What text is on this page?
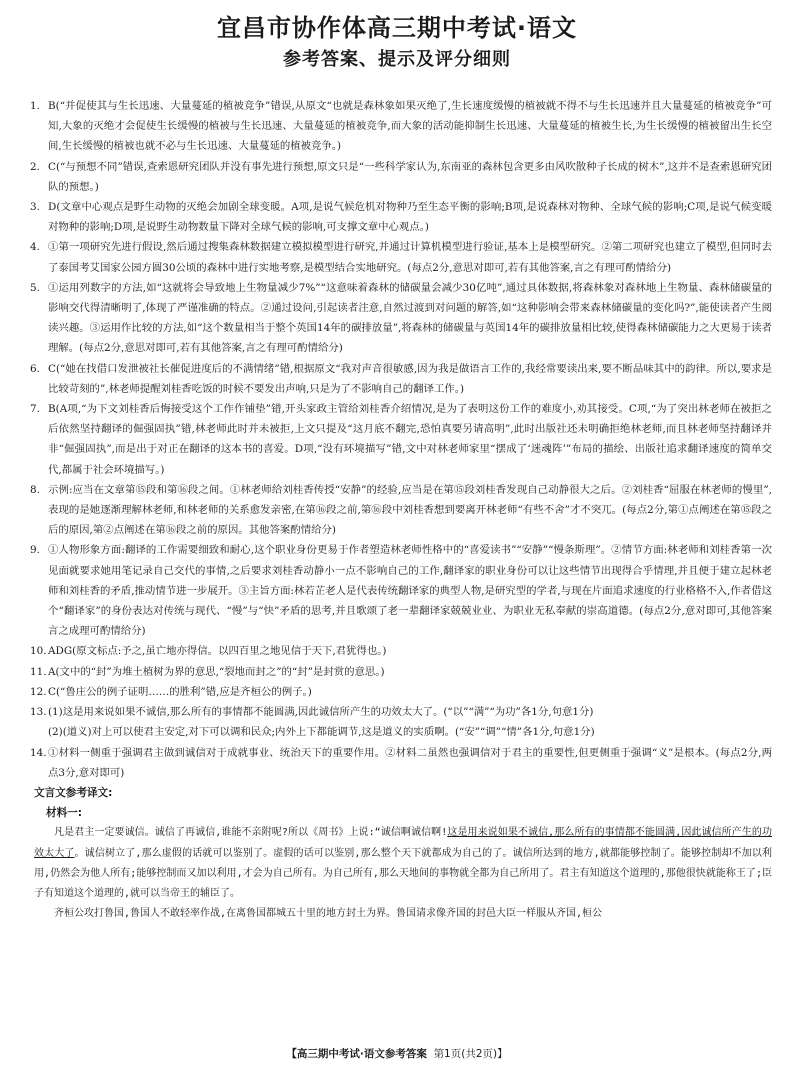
宜昌市协作体高三期中考试·语文
参考答案、提示及评分细则
1. B(“并促使其与生长迅速、大量蔓延的植被竞争”错误,从原文“也就是森林象如果灭绝了,生长速度缓慢的植被就不得不与生长迅速并且大量蔓延的植被竞争”可知,大象的灭绝才会促使生长缓慢的植被与生长迅速、大量蔓延的植被竞争,而大象的活动能抑制生长迅速、大量蔓延的植被生长,为生长缓慢的植被留出生长空间,生长缓慢的植被也就不必与生长迅速、大量蔓延的植被竞争。)

2. C(“与预想不同”错误,查索恩研究团队并没有事先进行预想,原文只是“一些科学家认为,东南亚的森林包含更多由风吹散种子长成的树木”,这并不是查索恩研究团队的预想。)

3. D(文章中心观点是野生动物的灭绝会加剧全球变暖。A项,是说气候危机对物种乃至生态平衡的影响;B项,是说森林对物种、全球气候的影响;C项,是说气候变暖对物种的影响;D项,是说野生动物数量下降对全球气候的影响,可支撑文章中心观点。)

4. ①第一项研究先进行假设,然后通过搜集森林数据建立模拟模型进行研究,并通过计算机模型进行验证,基本上是模型研究。②第二项研究也建立了模型,但同时去了泰国考艾国家公园方圆30公顷的森林中进行实地考察,是模型结合实地研究。(每点2分,意思对即可,若有其他答案,言之有理可酌情给分)

5. ①运用列数字的方法,如“这就将会导致地上生物量减少7%”“这意味着森林的储碳量会减少30亿吨”,通过具体数据,将森林象对森林地上生物量、森林储碳量的影响交代得清晰明了,体现了严谨准确的特点。②通过设问,引起读者注意,自然过渡到对问题的解答,如“这种影响会带来森林储碳量的变化吗?”,能使读者产生阅读兴趣。③运用作比较的方法,如“这个数量相当于整个英国14年的碳排放量”,将森林的储碳量与英国14年的碳排放量相比较,使得森林储碳能力之大更易于读者理解。(每点2分,意思对即可,若有其他答案,言之有理可酌情给分)

6. C(“她在找借口发泄被社长催促进度后的不满情绪”错,根据原文“我对声音很敏感,因为我是做语言工作的,我经常要读出来,要不断品味其中的韵律。所以,要求是比较苛刻的”,林老师提醒刘桂香吃饭的时候不要发出声响,只是为了不影响自己的翻译工作。)

7. B(A项,“为下文刘桂香后悔接受这个工作作铺垫”错,开头家政主管给刘桂香介绍情况,是为了表明这份工作的难度小,劝其接受。C项,“为了突出林老师在被拒之后依然坚持翻译的倔强固执”错,林老师此时并未被拒,上文只提及“这月底不翻完,恐怕真要另请高明”,此时出版社还未明确拒绝林老师,而且林老师坚持翻译并非“倔强固执”,而是出于对正在翻译的这本书的喜爱。D项,“没有环境描写”错,文中对林老师家里“摆成了‘迷魂阵’”布局的描绘、出版社追求翻译速度的简单交代,都属于社会环境描写。)

8. 示例:应当在文章第⑮段和第⑯段之间。①林老师给刘桂香传授“安静”的经验,应当是在第⑮段刘桂香发现自己动静很大之后。②刘桂香“屈服在林老师的慢里”,表现的是她逐渐理解林老师,和林老师的关系愈发亲密,在第⑯段之前,第⑯段中刘桂香想到要离开林老师“有些不舍”才不突兀。(每点2分,第①点阐述在第⑮段之后的原因,第②点阐述在第⑯段之前的原因。其他答案酌情给分)

9. ①人物形象方面:翻译的工作需要细致和耐心,这个职业身份更易于作者塑造林老师性格中的“喜爱读书”“安静”“慢条斯理”。②情节方面:林老师和刘桂香第一次见面就要求她用笔记录自己交代的事情,之后要求刘桂香动静小一点不影响自己的工作,翻译家的职业身份可以让这些情节出现得合乎情理,并且便于建立起林老师和刘桂香的矛盾,推动情节进一步展开。③主旨方面:林若芷老人是代表传统翻译家的典型人物,是研究型的学者,与现在片面追求速度的行业格格不入,作者借这个“翻译家”的身份表达对传统与现代、“慢”与“快”矛盾的思考,并且歌颂了老一辈翻译家兢兢业业、为职业无私奉献的崇高道德。(每点2分,意对即可,其他答案言之成理可酌情给分)

10. ADG(原文标点:予之,虽亡地亦得信。以四百里之地见信于天下,君犹得也。)

11. A(文中的“封”为堆土植树为界的意思,“裂地而封之”的“封”是封赏的意思。)

12. C(“鲁庄公的例子证明……的胜利”错,应是齐桓公的例子。)

13. (1)这是用来说如果不诚信,那么所有的事情都不能圆满,因此诚信所产生的功效太大了。(“以”“满”“为功”各1分,句意1分)

(2)(道义)对上可以使君主安定,对下可以调和民众;内外上下都能调节,这是道义的实质啊。(“安”“调”“情”各1分,句意1分)

14. ①材料一侧重于强调君主做到诚信对于成就事业、统治天下的重要作用。②材料二虽然也强调信对于君主的重要性,但更侧重于强调“义”是根本。(每点2分,两点3分,意对即可)

文言文参考译文:

材料一:

凡是君主一定要诚信。诚信了再诚信,谁能不亲附呢?所以《周书》上说:“诚信啊诚信啊!这是用来说如果不诚信,那么所有的事情都不能圆满,因此诚信所产生的功效太大了。诚信树立了,那么虚假的话就可以鉴别了。虚假的话可以鉴别,那么整个天下就都成为自己的了。诚信所达到的地方,就都能够控制了。能够控制却不加以利用,仍然会为他人所有;能够控制而又加以利用,才会为自己所有。为自己所有,那么天地间的事物就全都为自己所用了。君主有知道这个道理的,那他很快就能称王了;臣子有知道这个道理的,就可以当帝王的辅臣了。

齐桓公攻打鲁国,鲁国人不敢轻率作战,在离鲁国都城五十里的地方封土为界。鲁国请求像齐国的封邑大臣一样服从齐国,桓公

【高三期中考试·语文参考答案 第1页(共2页)】
